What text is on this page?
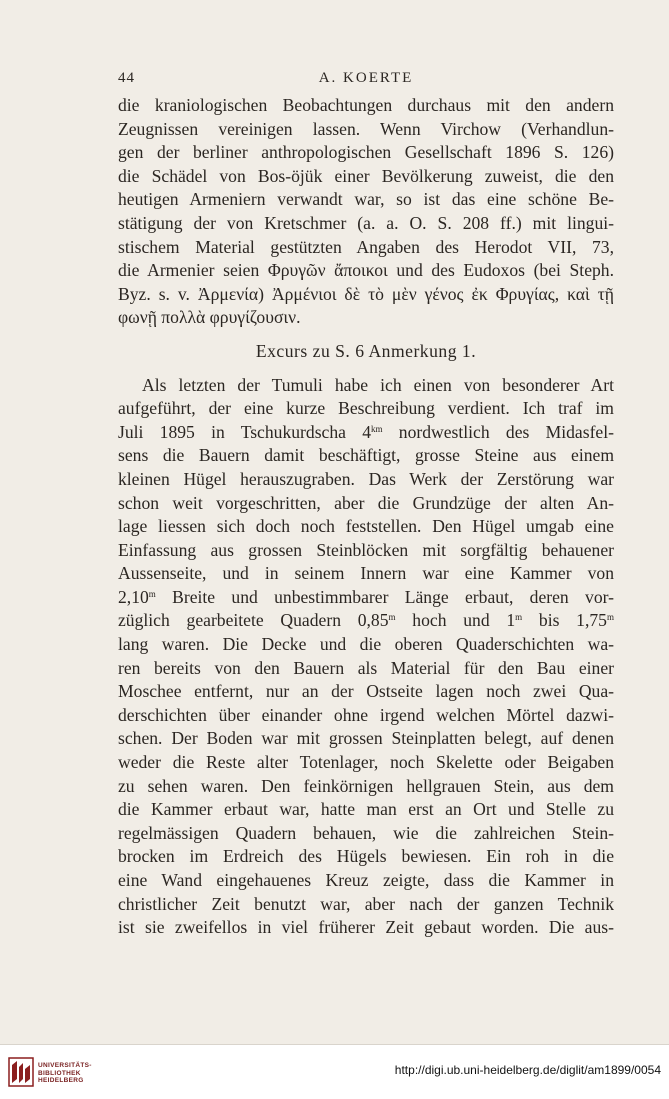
44	A. KOERTE
die kraniologischen Beobachtungen durchaus mit den andern
Zeugnissen vereinigen lassen. Wenn Virchow (Verhandlun-
gen der berliner anthropologischen Gesellschaft 1896 S. 126)
die Schädel von Bos-öjük einer Bevölkerung zuweist, die den
heutigen Armeniern verwandt war, so ist das eine schöne Be-
stätigung der von Kretschmer (a. a. O. S. 208 ff.) mit lingui-
stischem Material gestützten Angaben des Herodot VII, 73,
die Armenier seien Φρυγῶν ἄποικοι und des Eudoxos (bei Steph.
Byz. s. v. Ἀρμενία) Ἀρμένιοι δὲ τὸ μὲν γένος ἐκ Φρυγίας, καὶ τῇ
φωνῇ πολλὰ φρυγίζουσιν.
Excurs zu S. 6 Anmerkung 1.
Als letzten der Tumuli habe ich einen von besonderer Art
aufgeführt, der eine kurze Beschreibung verdient. Ich traf im
Juli 1895 in Tschukurdscha $4^{km}$ nordwestlich des Midasfel-
sens die Bauern damit beschäftigt, grosse Steine aus einem
kleinen Hügel herauszugraben. Das Werk der Zerstörung war
schon weit vorgeschritten, aber die Grundzüge der alten An-
lage liessen sich doch noch feststellen. Den Hügel umgab eine
Einfassung aus grossen Steinblöcken mit sorgfältig behauener
Aussenseite, und in seinem Innern war eine Kammer von
2,10$^m$ Breite und unbestimmbarer Länge erbaut, deren vor-
züglich gearbeitete Quadern 0,85$^m$ hoch und 1$^m$ bis 1,75$^m$
lang waren. Die Decke und die oberen Quaderschichten wa-
ren bereits von den Bauern als Material für den Bau einer
Moschee entfernt, nur an der Ostseite lagen noch zwei Qua-
derschichten über einander ohne irgend welchen Mörtel dazwi-
schen. Der Boden war mit grossen Steinplatten belegt, auf denen
weder die Reste alter Totenlager, noch Skelette oder Beigaben
zu sehen waren. Den feinkörnigen hellgrauen Stein, aus dem
die Kammer erbaut war, hatte man erst an Ort und Stelle zu
regelmässigen Quadern behauen, wie die zahlreichen Stein-
brocken im Erdreich des Hügels bewiesen. Ein roh in die
eine Wand eingehauenes Kreuz zeigte, dass die Kammer in
christlicher Zeit benutzt war, aber nach der ganzen Technik
ist sie zweifellos in viel früherer Zeit gebaut worden. Die aus-
UNIVERSITÄTS-
BIBLIOTHEK
HEIDELBERG
http://digi.ub.uni-heidelberg.de/diglit/am1899/0054
